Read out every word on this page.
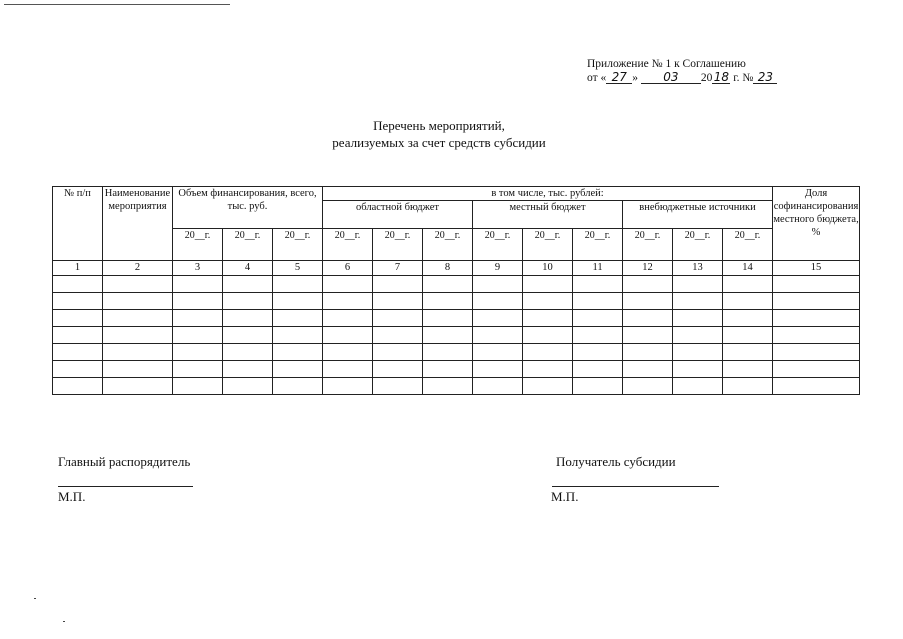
Приложение № 1 к Соглашению
от « 27 » 03 2018 г. № 23
Перечень мероприятий,
реализуемых за счет средств субсидии
№ п/п	Наименование мероприятия	Объем финансирования, всего, тыс. руб.			в том числе, тыс. рублей:									Доля софинансирования местного бюджета, %
					областной бюджет			местный бюджет			внебюджетные источники			
		20__г.	20__г.	20__г.	20__г.	20__г.	20__г.	20__г.	20__г.	20__г.	20__г.	20__г.	20__г.	
1	2	3	4	5	6	7	8	9	10	11	12	13	14	15

Главный распорядитель	Получатель субсидии
М.П.	М.П.
